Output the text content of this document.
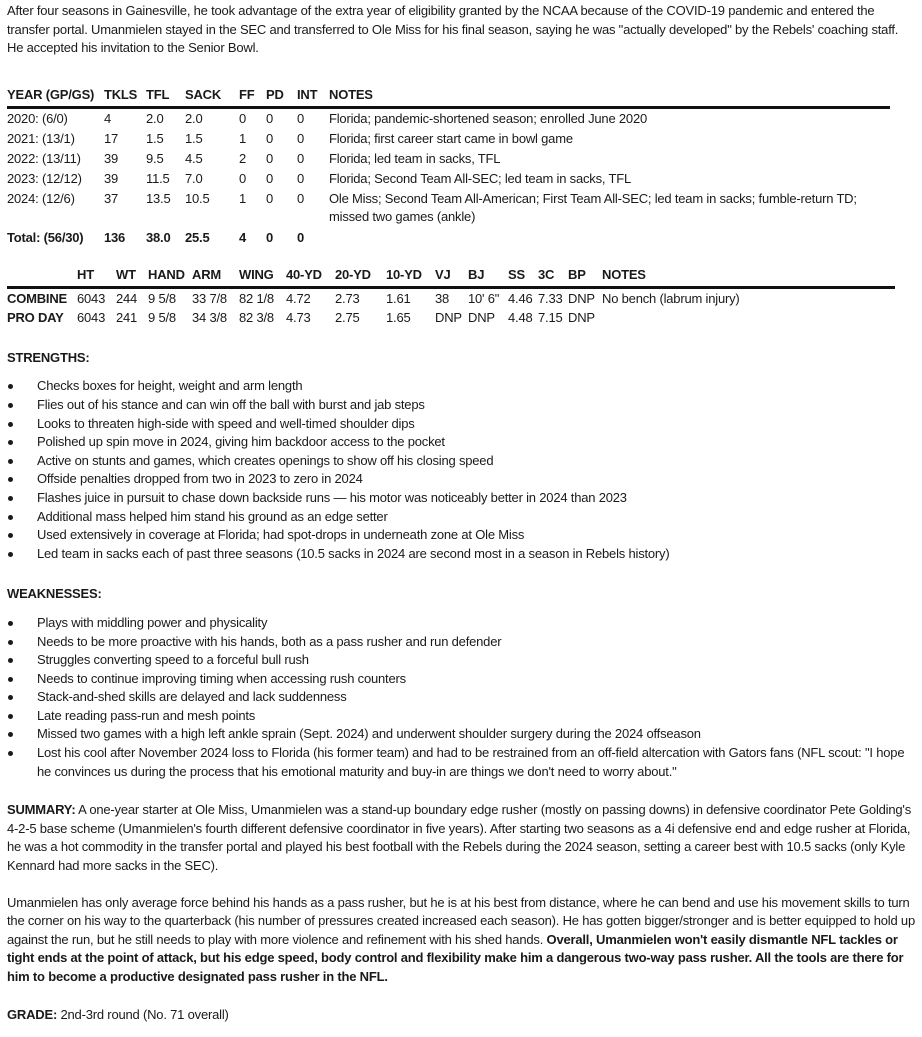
After four seasons in Gainesville, he took advantage of the extra year of eligibility granted by the NCAA because of the COVID-19 pandemic and entered the transfer portal. Umanmielen stayed in the SEC and transferred to Ole Miss for his final season, saying he was "actually developed" by the Rebels' coaching staff. He accepted his invitation to the Senior Bowl.

YEAR (GP/GS)	TKLS	TFL	SACK	FF	PD	INT	NOTES
2020: (6/0)	4	2.0	2.0	0	0	0	Florida; pandemic-shortened season; enrolled June 2020
2021: (13/1)	17	1.5	1.5	1	0	0	Florida; first career start came in bowl game
2022: (13/11)	39	9.5	4.5	2	0	0	Florida; led team in sacks, TFL
2023: (12/12)	39	11.5	7.0	0	0	0	Florida; Second Team All-SEC; led team in sacks, TFL
2024: (12/6)	37	13.5	10.5	1	0	0	Ole Miss; Second Team All-American; First Team All-SEC; led team in sacks; fumble-return TD; missed two games (ankle)
Total: (56/30)	136	38.0	25.5	4	0	0	
	HT	WT	HAND	ARM	WING	40-YD	20-YD	10-YD	VJ	BJ	SS	3C	BP	NOTES
COMBINE	6043	244	9 5/8	33 7/8	82 1/8	4.72	2.73	1.61	38	10' 6"	4.46	7.33	DNP	No bench (labrum injury)
PRO DAY	6043	241	9 5/8	34 3/8	82 3/8	4.73	2.75	1.65	DNP	DNP	4.48	7.15	DNP	
STRENGTHS:
Checks boxes for height, weight and arm length
Flies out of his stance and can win off the ball with burst and jab steps
Looks to threaten high-side with speed and well-timed shoulder dips
Polished up spin move in 2024, giving him backdoor access to the pocket
Active on stunts and games, which creates openings to show off his closing speed
Offside penalties dropped from two in 2023 to zero in 2024
Flashes juice in pursuit to chase down backside runs — his motor was noticeably better in 2024 than 2023
Additional mass helped him stand his ground as an edge setter
Used extensively in coverage at Florida; had spot-drops in underneath zone at Ole Miss
Led team in sacks each of past three seasons (10.5 sacks in 2024 are second most in a season in Rebels history)
WEAKNESSES:
Plays with middling power and physicality
Needs to be more proactive with his hands, both as a pass rusher and run defender
Struggles converting speed to a forceful bull rush
Needs to continue improving timing when accessing rush counters
Stack-and-shed skills are delayed and lack suddenness
Late reading pass-run and mesh points
Missed two games with a high left ankle sprain (Sept. 2024) and underwent shoulder surgery during the 2024 offseason
Lost his cool after November 2024 loss to Florida (his former team) and had to be restrained from an off-field altercation with Gators fans (NFL scout: "I hope he convinces us during the process that his emotional maturity and buy-in are things we don't need to worry about."

SUMMARY: A one-year starter at Ole Miss, Umanmielen was a stand-up boundary edge rusher (mostly on passing downs) in defensive coordinator Pete Golding's 4-2-5 base scheme (Umanmielen's fourth different defensive coordinator in five years). After starting two seasons as a 4i defensive end and edge rusher at Florida, he was a hot commodity in the transfer portal and played his best football with the Rebels during the 2024 season, setting a career best with 10.5 sacks (only Kyle Kennard had more sacks in the SEC).

Umanmielen has only average force behind his hands as a pass rusher, but he is at his best from distance, where he can bend and use his movement skills to turn the corner on his way to the quarterback (his number of pressures created increased each season). He has gotten bigger/stronger and is better equipped to hold up against the run, but he still needs to play with more violence and refinement with his shed hands. Overall, Umanmielen won't easily dismantle NFL tackles or tight ends at the point of attack, but his edge speed, body control and flexibility make him a dangerous two-way pass rusher. All the tools are there for him to become a productive designated pass rusher in the NFL.

GRADE: 2nd-3rd round (No. 71 overall)
